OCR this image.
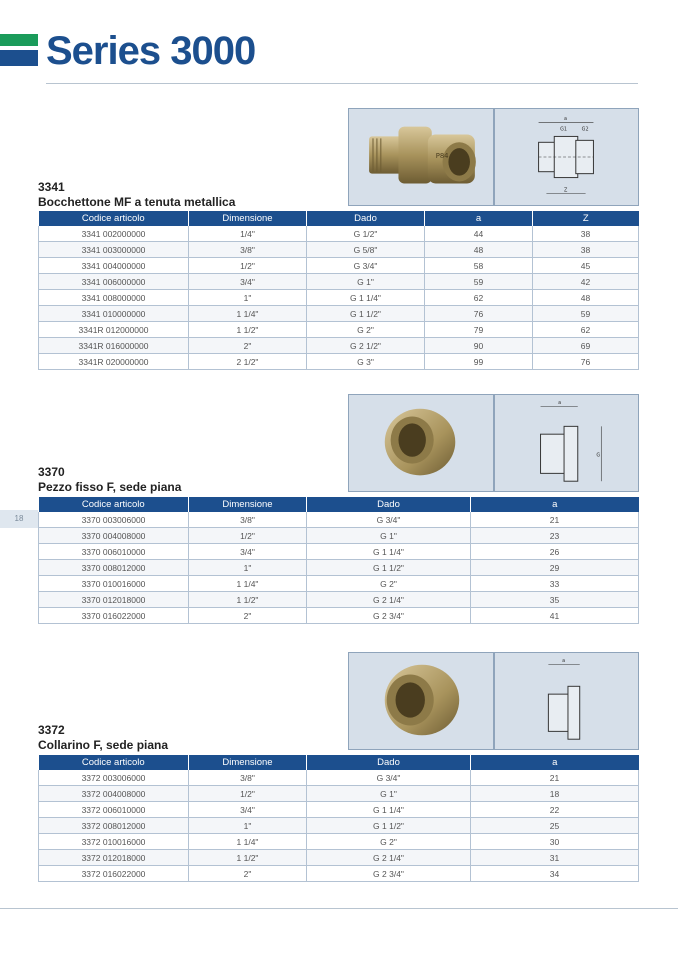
Series 3000
18
P84
a
G1	G2
Z
3341
Bocchettone MF a tenuta metallica
Codice articolo	Dimensione	Dado	a	Z
3341 002000000	1/4"	G 1/2"	44	38
3341 003000000	3/8"	G 5/8"	48	38
3341 004000000	1/2"	G 3/4"	58	45
3341 006000000	3/4"	G 1"	59	42
3341 008000000	1"	G 1 1/4"	62	48
3341 010000000	1 1/4"	G 1 1/2"	76	59
3341R 012000000	1 1/2"	G 2"	79	62
3341R 016000000	2"	G 2 1/2"	90	69
3341R 020000000	2 1/2"	G 3"	99	76
a
G
3370
Pezzo fisso F, sede piana
Codice articolo	Dimensione	Dado	a
3370 003006000	3/8"	G 3/4"	21
3370 004008000	1/2"	G 1"	23
3370 006010000	3/4"	G 1 1/4"	26
3370 008012000	1"	G 1 1/2"	29
3370 010016000	1 1/4"	G 2"	33
3370 012018000	1 1/2"	G 2 1/4"	35
3370 016022000	2"	G 2 3/4"	41
a
3372
Collarino F, sede piana
Codice articolo	Dimensione	Dado	a
3372 003006000	3/8"	G 3/4"	21
3372 004008000	1/2"	G 1"	18
3372 006010000	3/4"	G 1 1/4"	22
3372 008012000	1"	G 1 1/2"	25
3372 010016000	1 1/4"	G 2"	30
3372 012018000	1 1/2"	G 2 1/4"	31
3372 016022000	2"	G 2 3/4"	34
